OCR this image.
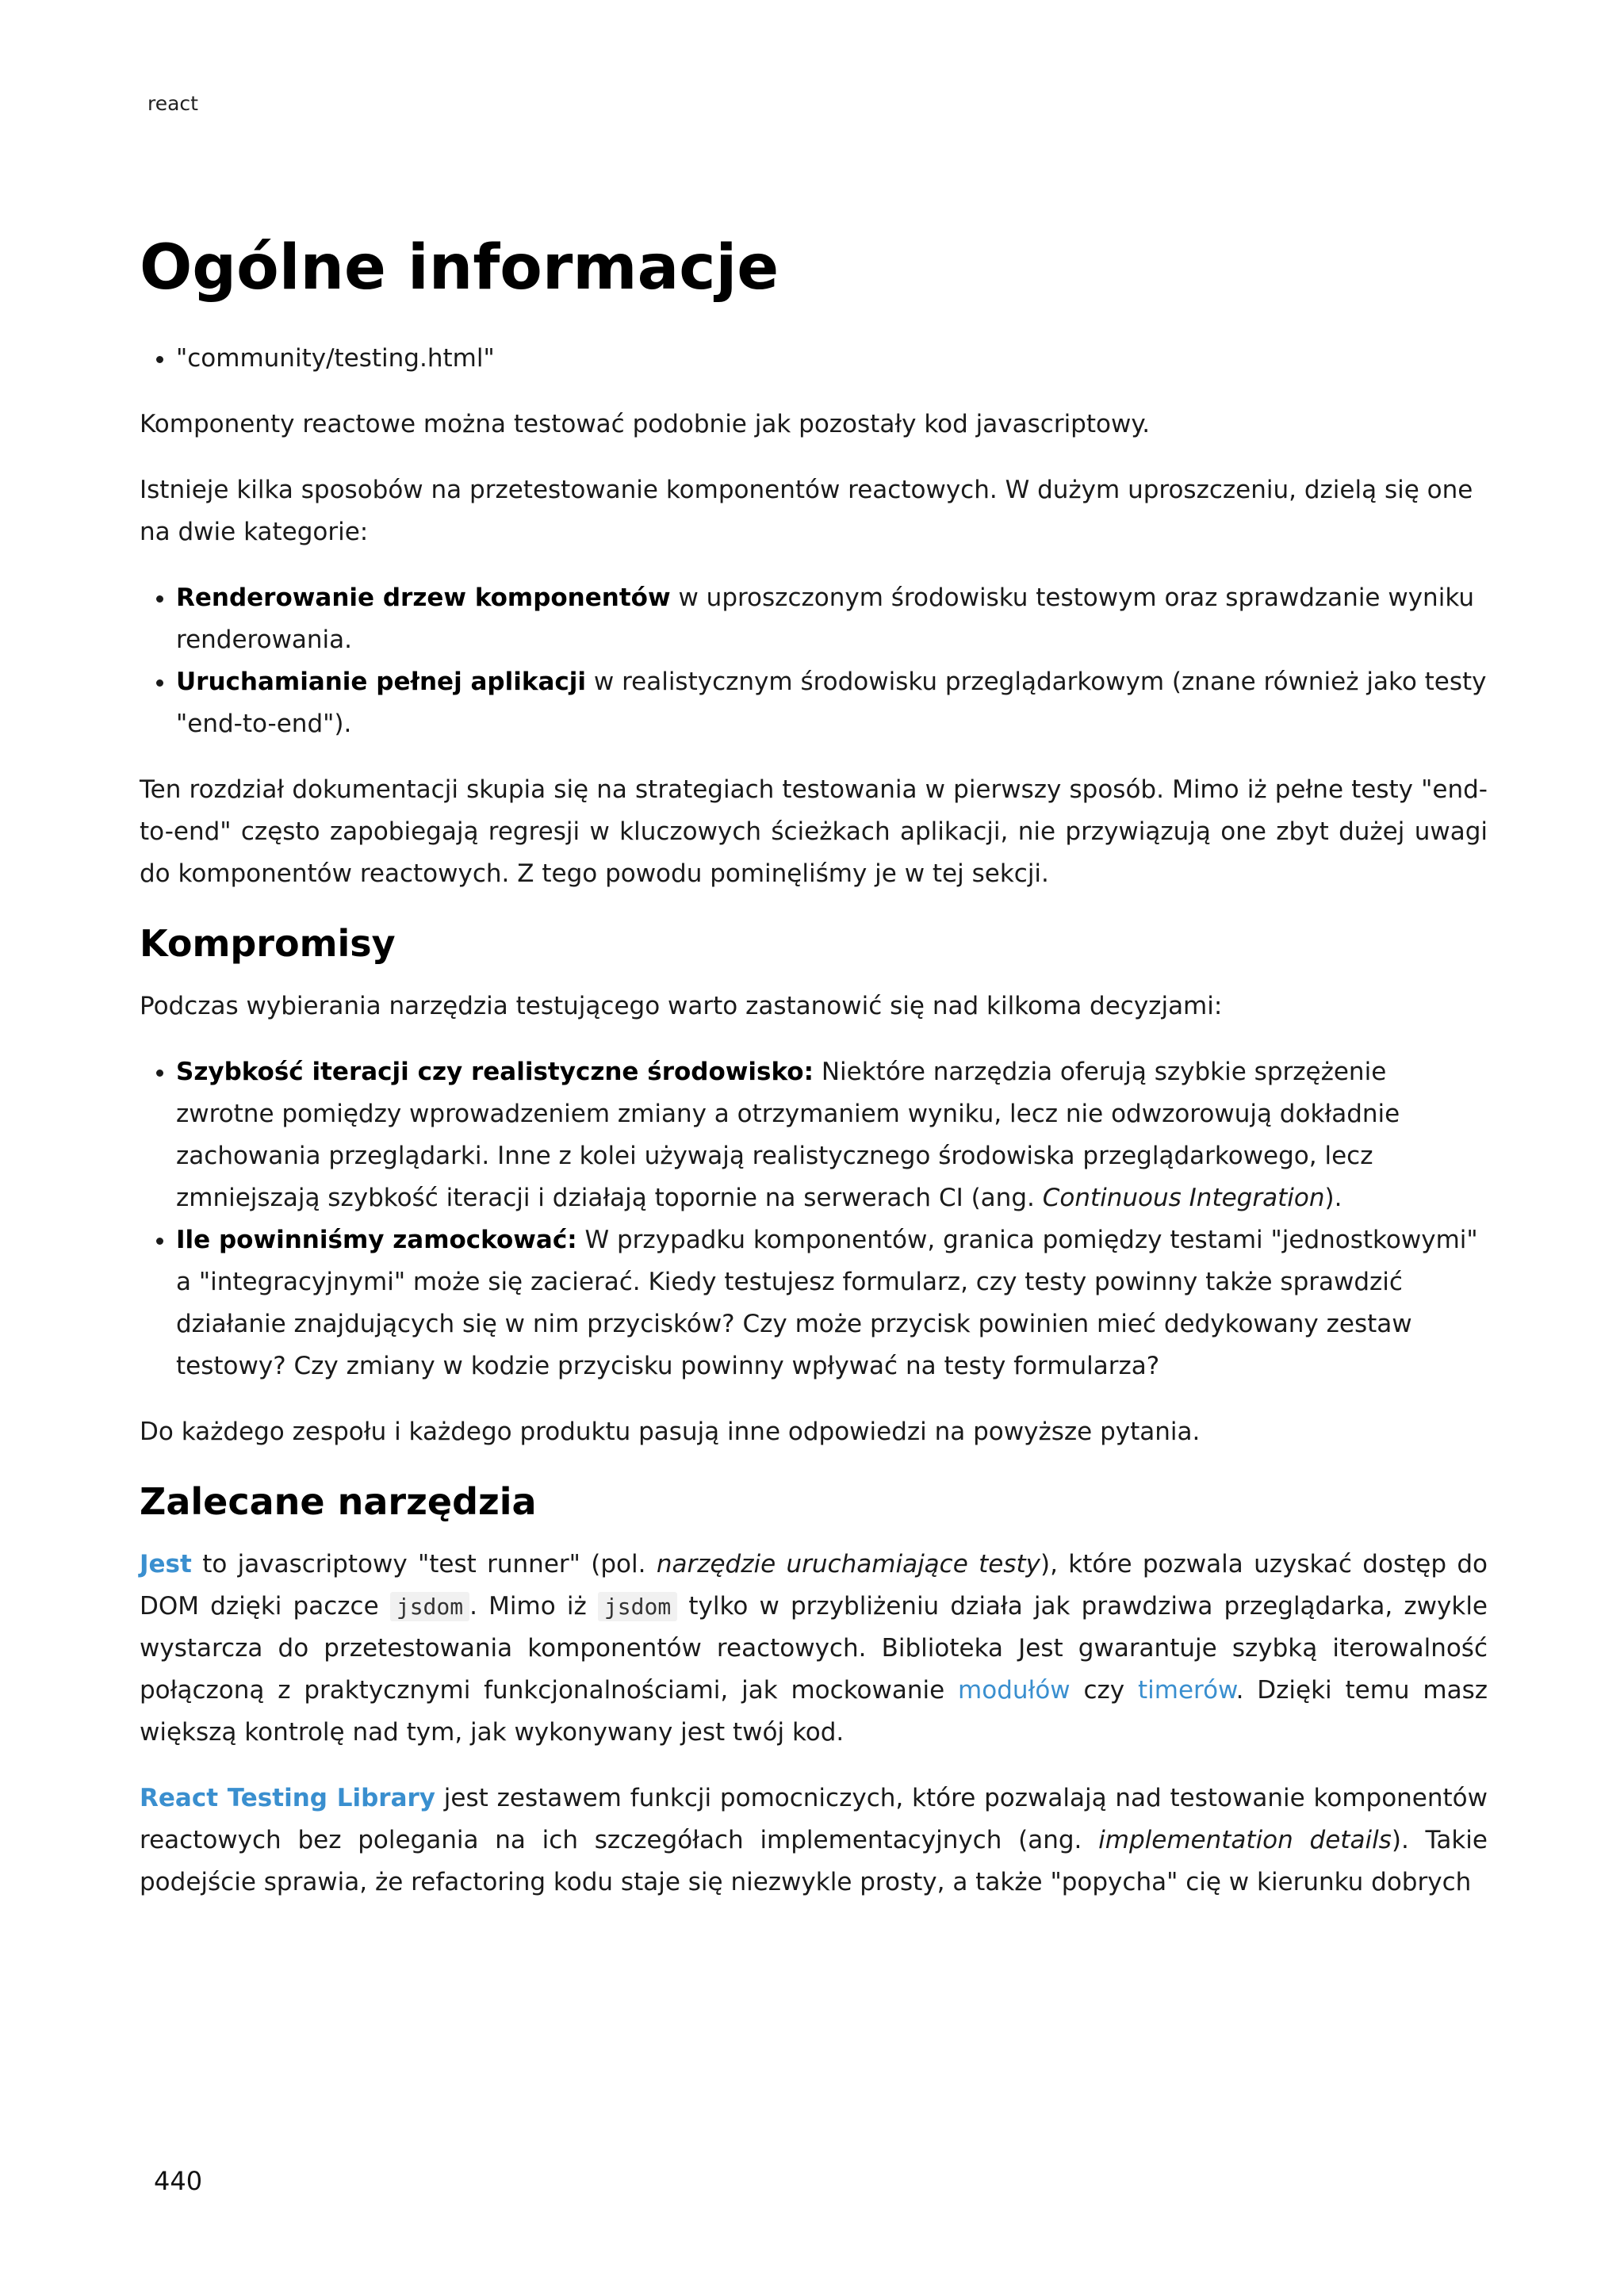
react
Ogólne informacje
• "community/testing.html"

Komponenty reactowe można testować podobnie jak pozostały kod javascriptowy.

Istnieje kilka sposobów na przetestowanie komponentów reactowych. W dużym uproszczeniu, dzielą się one na dwie kategorie:

• Renderowanie drzew komponentów w uproszczonym środowisku testowym oraz sprawdzanie wyniku renderowania.
• Uruchamianie pełnej aplikacji w realistycznym środowisku przeglądarkowym (znane również jako testy "end-to-end").

Ten rozdział dokumentacji skupia się na strategiach testowania w pierwszy sposób. Mimo iż pełne testy "end-to-end" często zapobiegają regresji w kluczowych ścieżkach aplikacji, nie przywiązują one zbyt dużej uwagi do komponentów reactowych. Z tego powodu pominęliśmy je w tej sekcji.

Kompromisy

Podczas wybierania narzędzia testującego warto zastanowić się nad kilkoma decyzjami:

• Szybkość iteracji czy realistyczne środowisko: Niektóre narzędzia oferują szybkie sprzężenie zwrotne pomiędzy wprowadzeniem zmiany a otrzymaniem wyniku, lecz nie odwzorowują dokładnie zachowania przeglądarki. Inne z kolei używają realistycznego środowiska przeglądarkowego, lecz zmniejszają szybkość iteracji i działają topornie na serwerach CI (ang. Continuous Integration).
• Ile powinniśmy zamockować: W przypadku komponentów, granica pomiędzy testami "jednostkowymi" a "integracyjnymi" może się zacierać. Kiedy testujesz formularz, czy testy powinny także sprawdzić działanie znajdujących się w nim przycisków? Czy może przycisk powinien mieć dedykowany zestaw testowy? Czy zmiany w kodzie przycisku powinny wpływać na testy formularza?

Do każdego zespołu i każdego produktu pasują inne odpowiedzi na powyższe pytania.

Zalecane narzędzia

Jest to javascriptowy "test runner" (pol. narzędzie uruchamiające testy), które pozwala uzyskać dostęp do DOM dzięki paczce jsdom . Mimo iż jsdom tylko w przybliżeniu działa jak prawdziwa przeglądarka, zwykle wystarcza do przetestowania komponentów reactowych. Biblioteka Jest gwarantuje szybką iterowalność połączoną z praktycznymi funkcjonalnościami, jak mockowanie modułów czy timerów. Dzięki temu masz większą kontrolę nad tym, jak wykonywany jest twój kod.

React Testing Library jest zestawem funkcji pomocniczych, które pozwalają nad testowanie komponentów reactowych bez polegania na ich szczegółach implementacyjnych (ang. implementation details). Takie podejście sprawia, że refactoring kodu staje się niezwykle prosty, a także "popycha" cię w kierunku dobrych

440
